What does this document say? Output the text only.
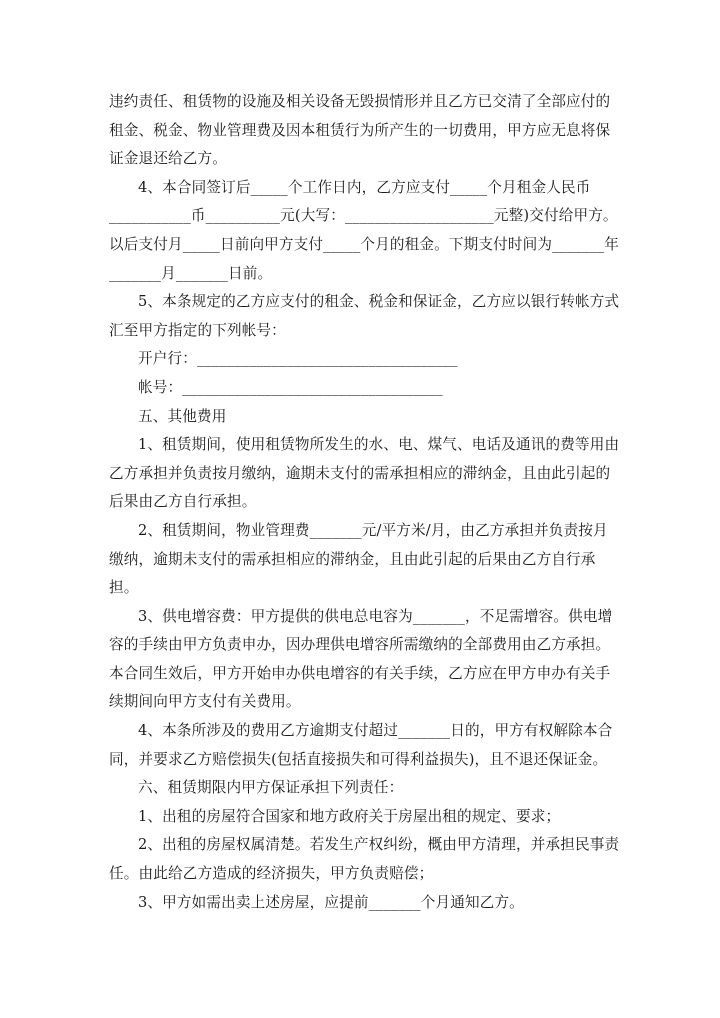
违约责任、租赁物的设施及相关设备无毁损情形并且乙方已交清了全部应付的
租金、税金、物业管理费及因本租赁行为所产生的一切费用，甲方应无息将保
证金退还给乙方。
4、本合同签订后_____个工作日内，乙方应支付_____个月租金人民币
___________币__________元(大写：____________________元整)交付给甲方。
以后支付月_____日前向甲方支付_____个月的租金。下期支付时间为_______年
_______月_______日前。
5、本条规定的乙方应支付的租金、税金和保证金，乙方应以银行转帐方式
汇至甲方指定的下列帐号：
开户行：___________________________________
帐号：___________________________________
五、其他费用
1、租赁期间，使用租赁物所发生的水、电、煤气、电话及通讯的费等用由
乙方承担并负责按月缴纳，逾期未支付的需承担相应的滞纳金，且由此引起的
后果由乙方自行承担。
2、租赁期间，物业管理费_______元/平方米/月，由乙方承担并负责按月
缴纳，逾期未支付的需承担相应的滞纳金，且由此引起的后果由乙方自行承
担。
3、供电增容费：甲方提供的供电总电容为_______，不足需增容。供电增
容的手续由甲方负责申办，因办理供电增容所需缴纳的全部费用由乙方承担。
本合同生效后，甲方开始申办供电增容的有关手续，乙方应在甲方申办有关手
续期间向甲方支付有关费用。
4、本条所涉及的费用乙方逾期支付超过_______日的，甲方有权解除本合
同，并要求乙方赔偿损失(包括直接损失和可得利益损失)，且不退还保证金。
六、租赁期限内甲方保证承担下列责任：
1、出租的房屋符合国家和地方政府关于房屋出租的规定、要求；
2、出租的房屋权属清楚。若发生产权纠纷，概由甲方清理，并承担民事责
任。由此给乙方造成的经济损失，甲方负责赔偿；
3、甲方如需出卖上述房屋，应提前_______个月通知乙方。
